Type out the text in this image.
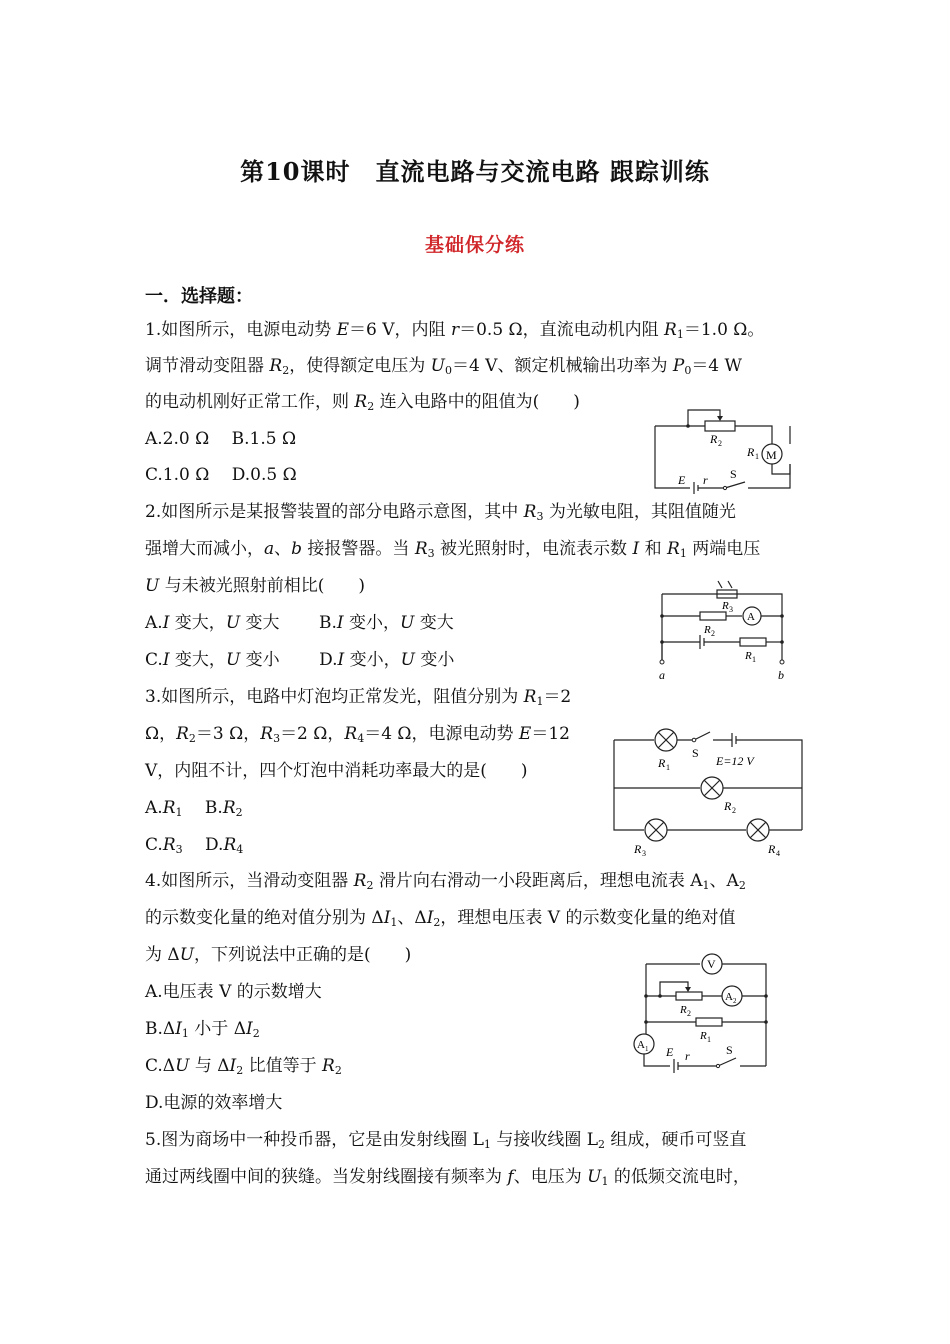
第10课时　直流电路与交流电路 跟踪训练
基础保分练
一．选择题：
1.如图所示，电源电动势 E＝6 V，内阻 r＝0.5 Ω，直流电动机内阻 $R_1=1.0$ Ω。
调节滑动变阻器 $R_2$，使得额定电压为 $U_0=4$ V、额定机械输出功率为 $P_0=4$ W
的电动机刚好正常工作，则 $R_2$ 连入电路中的阻值为(　　)
A.2.0 Ω　 B.1.5 Ω
C.1.0 Ω　 D.0.5 Ω
R 2
R 1 M
E r S
2.如图所示是某报警装置的部分电路示意图，其中 $R_3$ 为光敏电阻，其阻值随光
强增大而减小，a、b 接报警器。当 $R_3$ 被光照射时，电流表示数 I 和 $R_1$ 两端电压
U 与未被光照射前相比(　　)
A.I 变大，U 变大　　 B.I 变小，U 变大
C.I 变大，U 变小　　 D.I 变小，U 变小
R 3
A
R 2
R 1
a	b
3.如图所示，电路中灯泡均正常发光，阻值分别为 $R_1=2$
Ω，$R_2=3$ Ω，$R_3=2$ Ω，$R_4=4$ Ω，电源电动势 E＝12
V，内阻不计，四个灯泡中消耗功率最大的是(　　)
$A.R_1$　 $B.R_2$
$C.R_3$　 $D.R_4$
R 1
S
E=12 V
R 2
R 3	R 4
4.如图所示，当滑动变阻器 $R_2$ 滑片向右滑动一小段距离后，理想电流表 $A_1$、$A_2$
的示数变化量的绝对值分别为 $\Delta I_1$、$\Delta I_2$，理想电压表 V 的示数变化量的绝对值
为 ΔU，下列说法中正确的是(　　)
A.电压表 V 的示数增大
$B.\Delta I_1$ 小于 $\Delta I_2$
C.ΔU 与 $\Delta I_2$ 比值等于 $R_2$
D.电源的效率增大
V
A 2
R 2
R 1
A 1 E r	S
5.图为商场中一种投币器，它是由发射线圈 $L_1$ 与接收线圈 $L_2$ 组成，硬币可竖直
通过两线圈中间的狭缝。当发射线圈接有频率为 f、电压为 $U_1$ 的低频交流电时，
